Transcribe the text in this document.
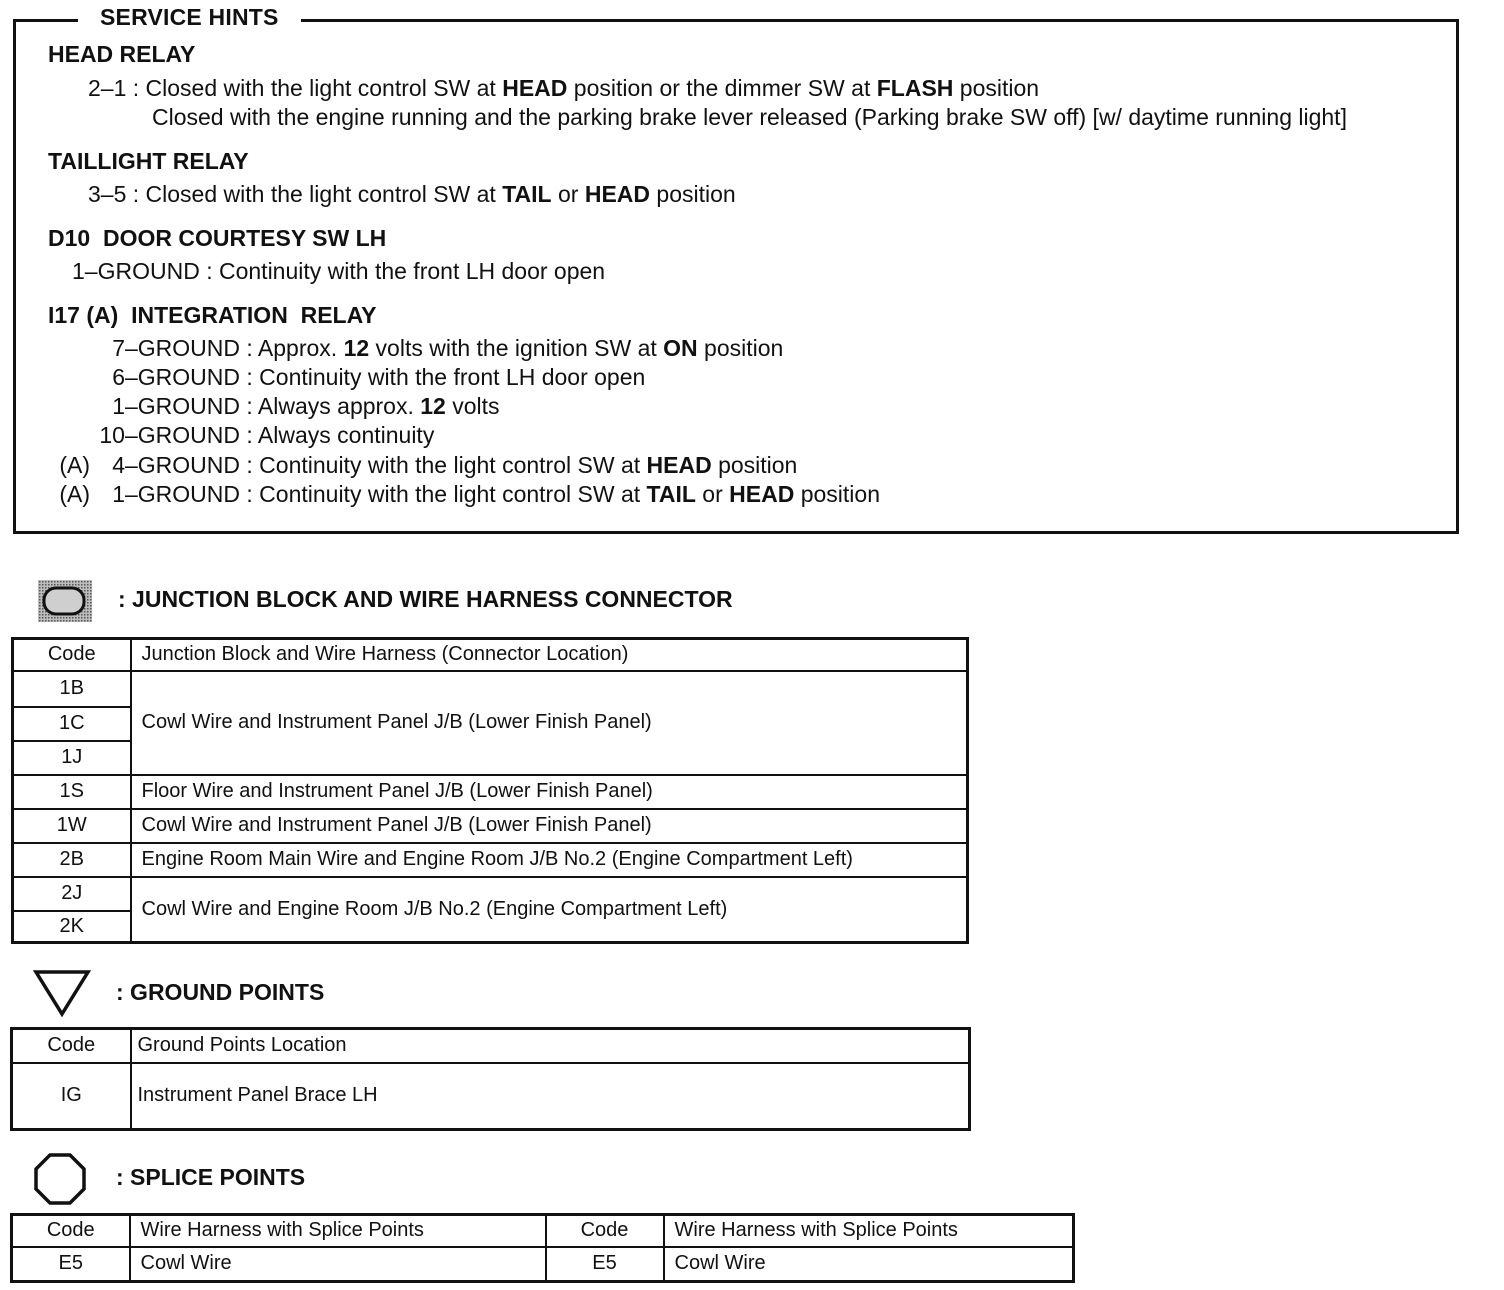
SERVICE HINTS
HEAD RELAY
2–1 : Closed with the light control SW at HEAD position or the dimmer SW at FLASH position
Closed with the engine running and the parking brake lever released (Parking brake SW off) [w/ daytime running light]
TAILLIGHT RELAY
3–5 : Closed with the light control SW at TAIL or HEAD position
D10  DOOR COURTESY SW LH
1–GROUND : Continuity with the front LH door open
I17 (A)  INTEGRATION  RELAY
7–GROUND : Approx. 12 volts with the ignition SW at ON position
6–GROUND : Continuity with the front LH door open
1–GROUND : Always approx. 12 volts
10–GROUND : Always continuity
(A) 4–GROUND : Continuity with the light control SW at HEAD position
(A) 1–GROUND : Continuity with the light control SW at TAIL or HEAD position
: JUNCTION BLOCK AND WIRE HARNESS CONNECTOR
Code	Junction Block and Wire Harness (Connector Location)
1B	Cowl Wire and Instrument Panel J/B (Lower Finish Panel)
1C	
1J	
1S	Floor Wire and Instrument Panel J/B (Lower Finish Panel)
1W	Cowl Wire and Instrument Panel J/B (Lower Finish Panel)
2B	Engine Room Main Wire and Engine Room J/B No.2 (Engine Compartment Left)
2J	Cowl Wire and Engine Room J/B No.2 (Engine Compartment Left)
2K	
: GROUND POINTS
Code	Ground Points Location
IG	Instrument Panel Brace LH
: SPLICE POINTS
Code	Wire Harness with Splice Points	Code	Wire Harness with Splice Points
E5	Cowl Wire	E5	Cowl Wire
